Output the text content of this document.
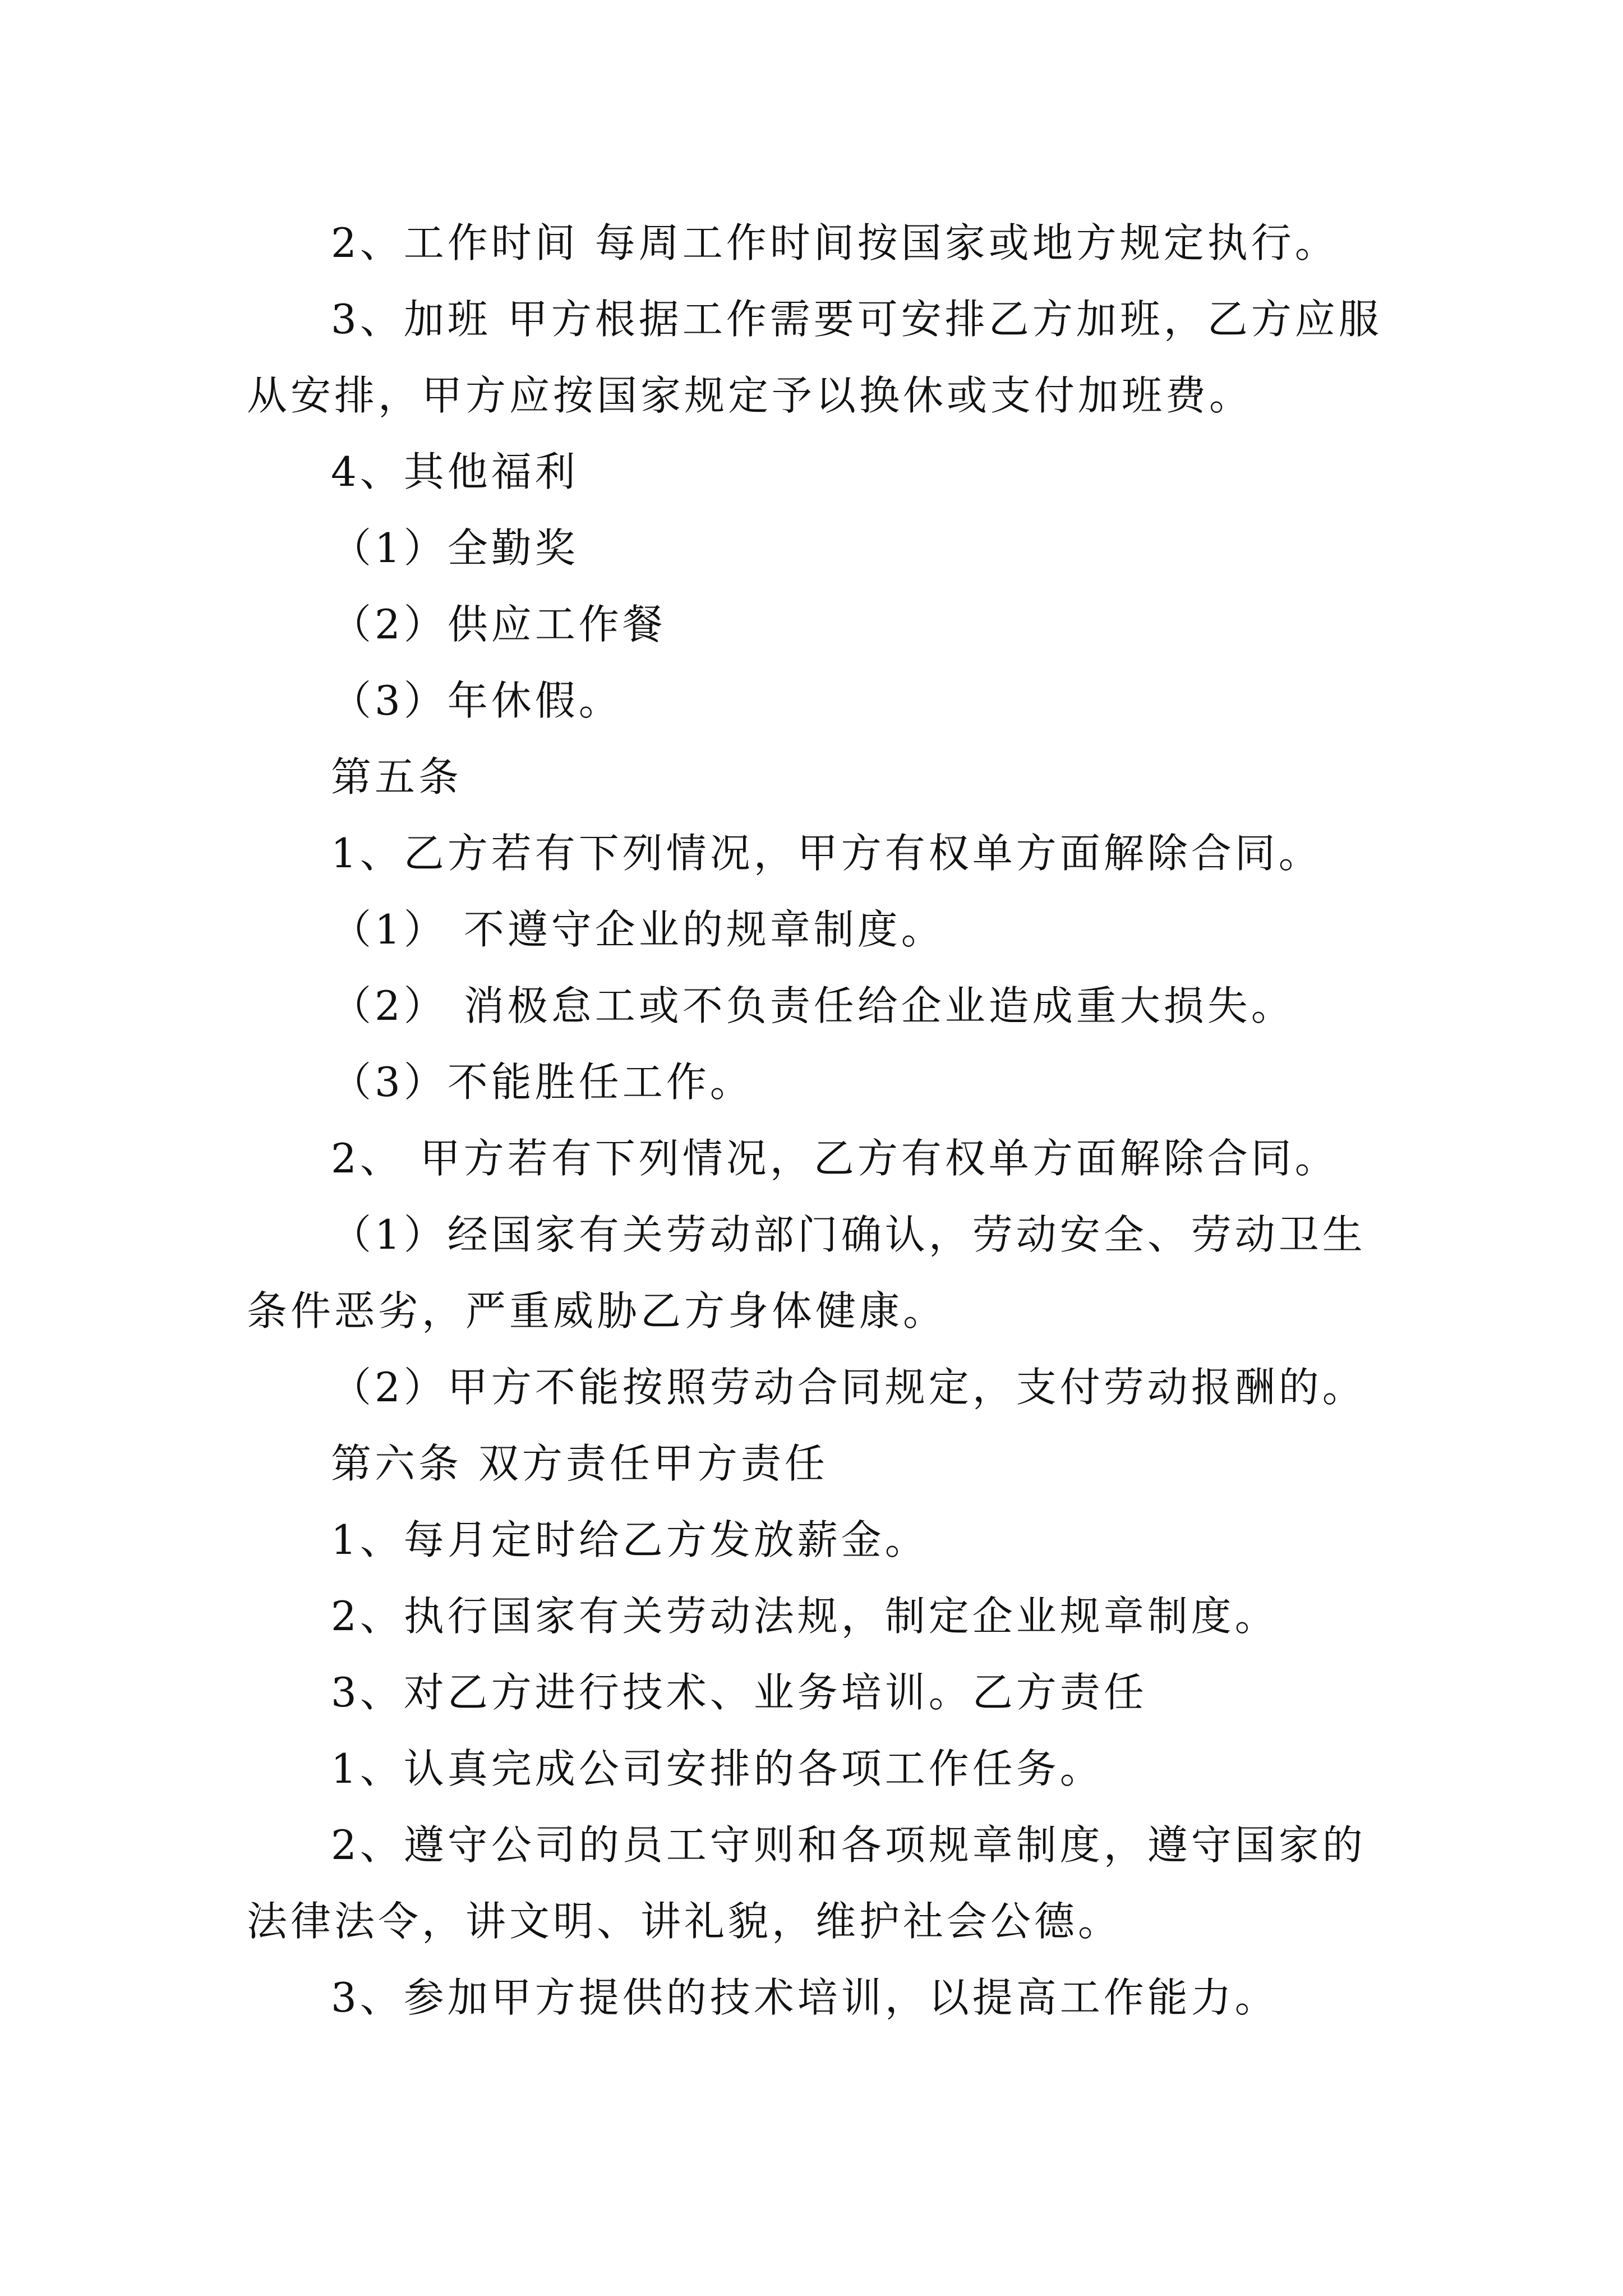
2、工作时间 每周工作时间按国家或地方规定执行。
3、加班 甲方根据工作需要可安排乙方加班，乙方应服
从安排，甲方应按国家规定予以换休或支付加班费。
4、其他福利
（1）全勤奖
（2）供应工作餐
（3）年休假。
第五条
1、乙方若有下列情况，甲方有权单方面解除合同。
（1） 不遵守企业的规章制度。
（2） 消极怠工或不负责任给企业造成重大损失。
（3）不能胜任工作。
2、 甲方若有下列情况，乙方有权单方面解除合同。
（1）经国家有关劳动部门确认，劳动安全、劳动卫生
条件恶劣，严重威胁乙方身体健康。
（2）甲方不能按照劳动合同规定，支付劳动报酬的。
第六条 双方责任甲方责任
1、每月定时给乙方发放薪金。
2、执行国家有关劳动法规，制定企业规章制度。
3、对乙方进行技术、业务培训。乙方责任
1、认真完成公司安排的各项工作任务。
2、遵守公司的员工守则和各项规章制度，遵守国家的
法律法令，讲文明、讲礼貌，维护社会公德。
3、参加甲方提供的技术培训，以提高工作能力。
